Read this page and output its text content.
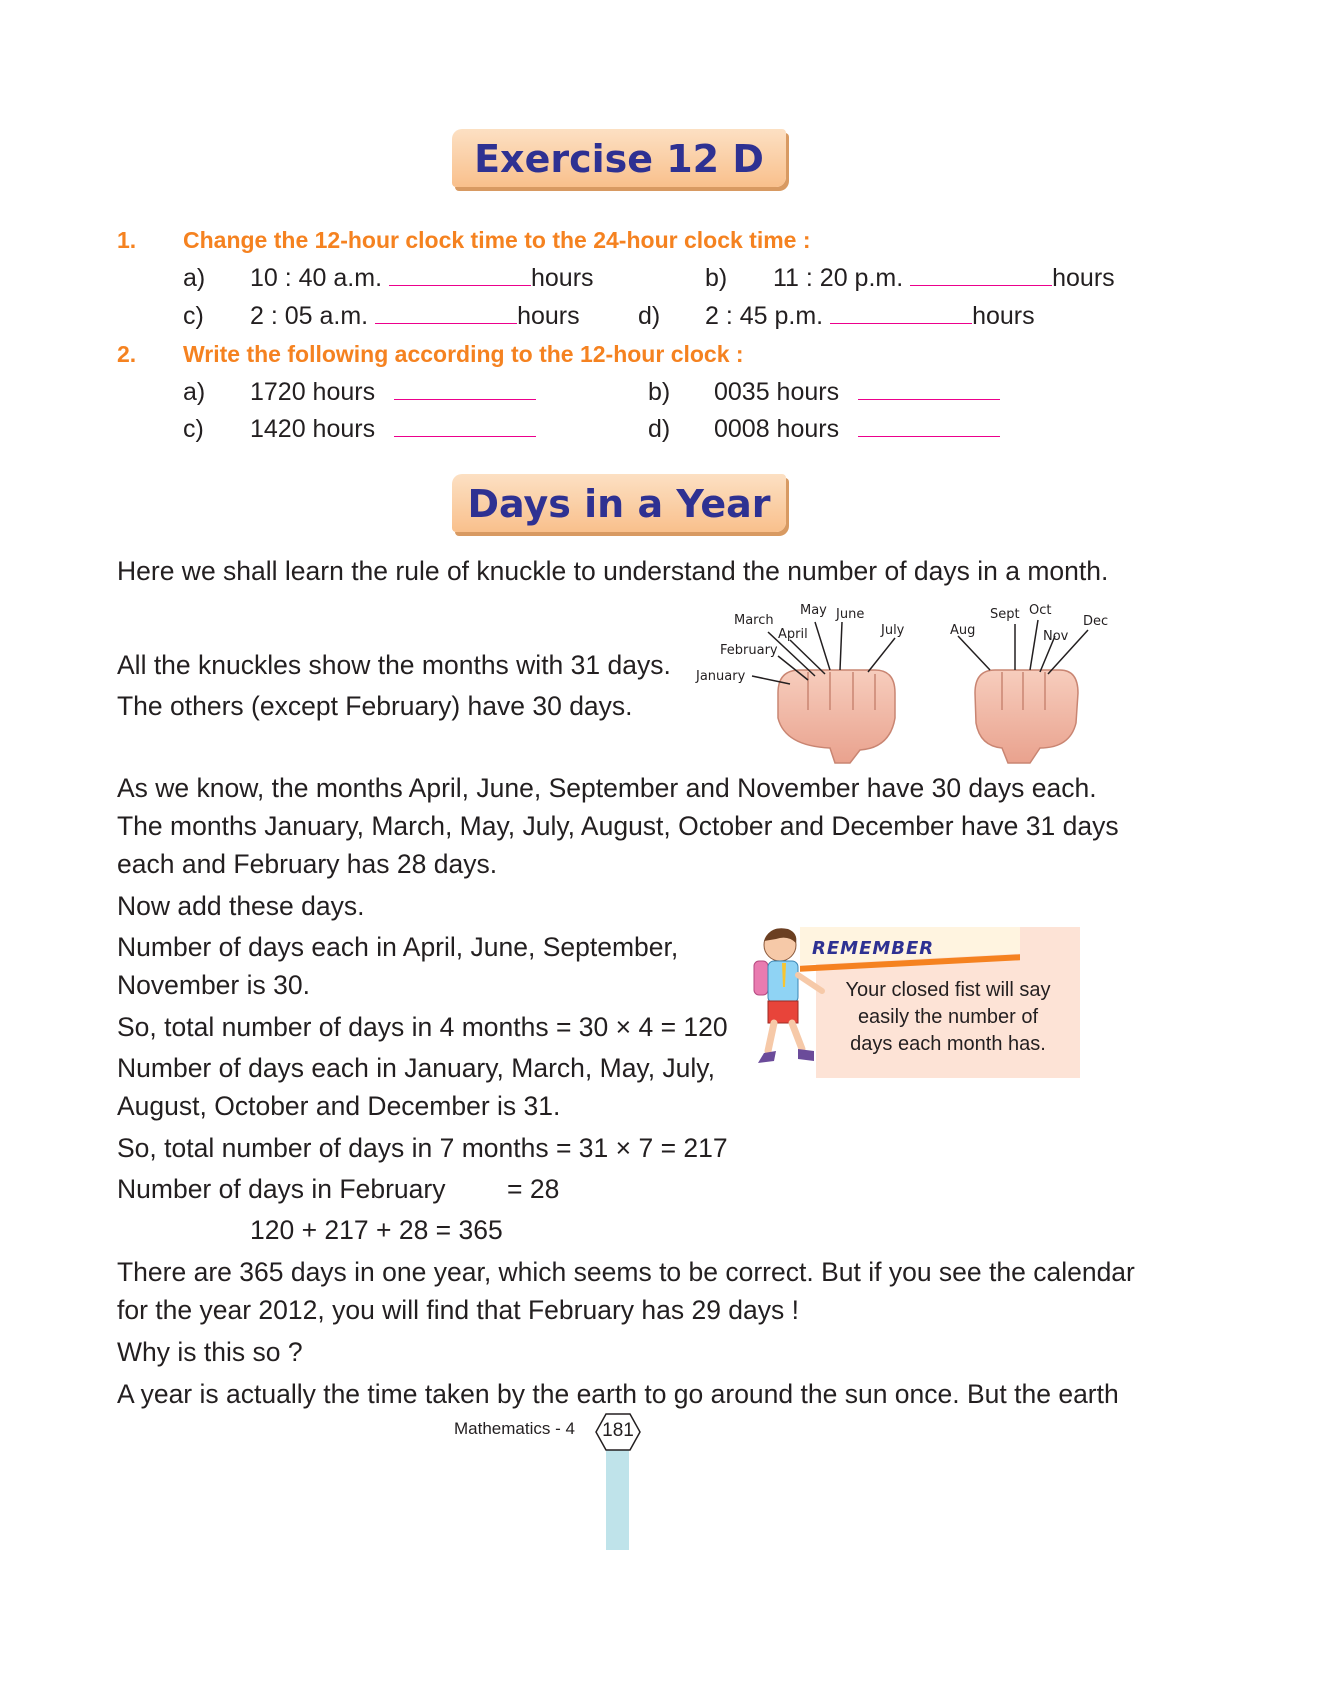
Exercise 12 D
1. Change the 12-hour clock time to the 24-hour clock time :
a) 10 : 40 a.m.	hours	b) 11 : 20 p.m.	hours
c) 2 : 05 a.m.	hours d) 2 : 45 p.m.	hours
2. Write the following according to the 12-hour clock :
a) 1720 hours	b) 0035 hours
c) 1420 hours	d) 0008 hours
Days in a Year
Here we shall learn the rule of knuckle to understand the number of days in a month.
All the knuckles show the months with 31 days.
The others (except February) have 30 days.
January
February
March
April
May June
July	Aug
Sept Oct
Nov
Dec
As we know, the months April, June, September and November have 30 days each.
The months January, March, May, July, August, October and December have 31 days
each and February has 28 days.
Now add these days.
Number of days each in April, June, September,
November is 30.
So, total number of days in 4 months = 30 × 4 = 120
Number of days each in January, March, May, July,
August, October and December is 31.
So, total number of days in 7 months = 31 × 7 = 217
Number of days in February = 28
120 + 217 + 28 = 365
There are 365 days in one year, which seems to be correct. But if you see the calendar
for the year 2012, you will find that February has 29 days !
Why is this so ?
A year is actually the time taken by the earth to go around the sun once. But the earth
REMEMBER
Your closed fist will say
easily the number of
days each month has.
Mathematics - 4	181
